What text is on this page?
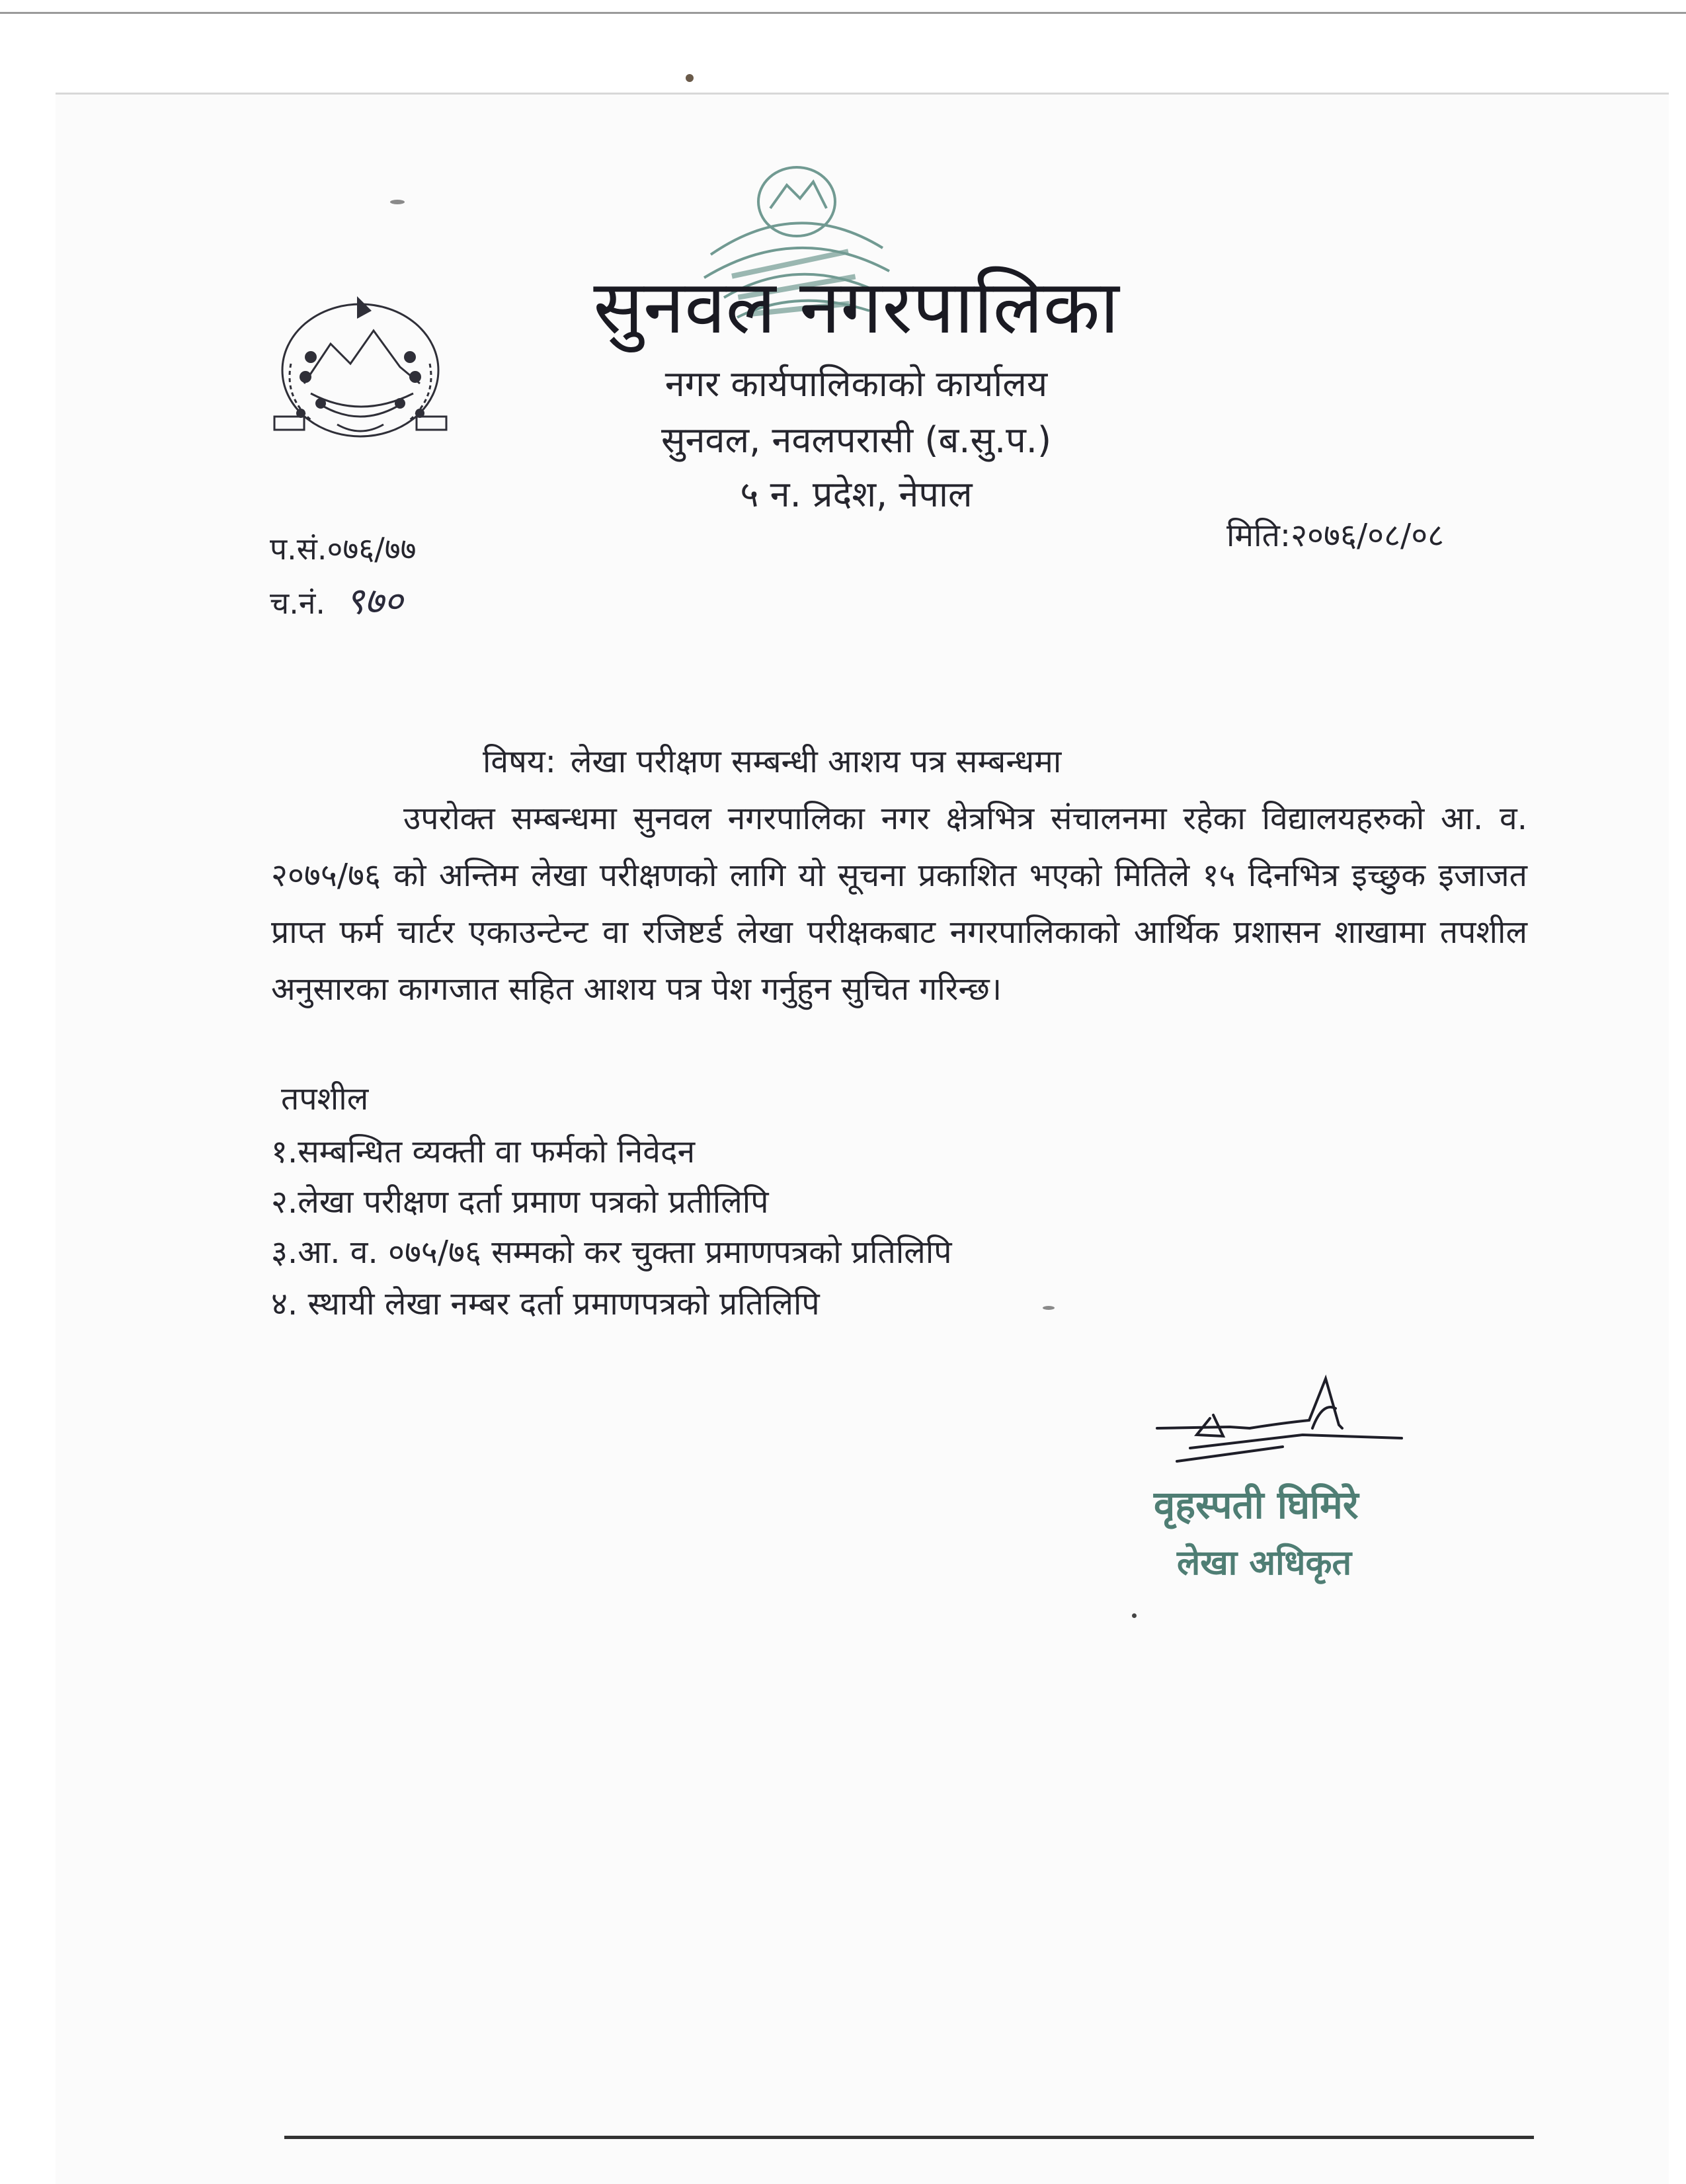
सुनवल नगरपालिका
नगर कार्यपालिकाको कार्यालय
सुनवल, नवलपरासी (ब.सु.प.)
५ न. प्रदेश, नेपाल
प.सं.०७६/७७
च.नं. ९७०
मिति:२०७६/०८/०८
विषय: लेखा परीक्षण सम्बन्धी आशय पत्र सम्बन्धमा
उपरोक्त सम्बन्धमा सुनवल नगरपालिका नगर क्षेत्रभित्र संचालनमा रहेका विद्यालयहरुको आ. व. २०७५/७६ को अन्तिम लेखा परीक्षणको लागि यो सूचना प्रकाशित भएको मितिले १५ दिनभित्र इच्छुक इजाजत प्राप्त फर्म चार्टर एकाउन्टेन्ट वा रजिष्टर्ड लेखा परीक्षकबाट नगरपालिकाको आर्थिक प्रशासन शाखामा तपशील अनुसारका कागजात सहित आशय पत्र पेश गर्नुहुन सुचित गरिन्छ।
तपशील
१.सम्बन्धित व्यक्ती वा फर्मको निवेदन
२.लेखा परीक्षण दर्ता प्रमाण पत्रको प्रतीलिपि
३.आ. व. ०७५/७६ सम्मको कर चुक्ता प्रमाणपत्रको प्रतिलिपि
४. स्थायी लेखा नम्बर दर्ता प्रमाणपत्रको प्रतिलिपि
वृहस्पती घिमिरे
लेखा अधिकृत
